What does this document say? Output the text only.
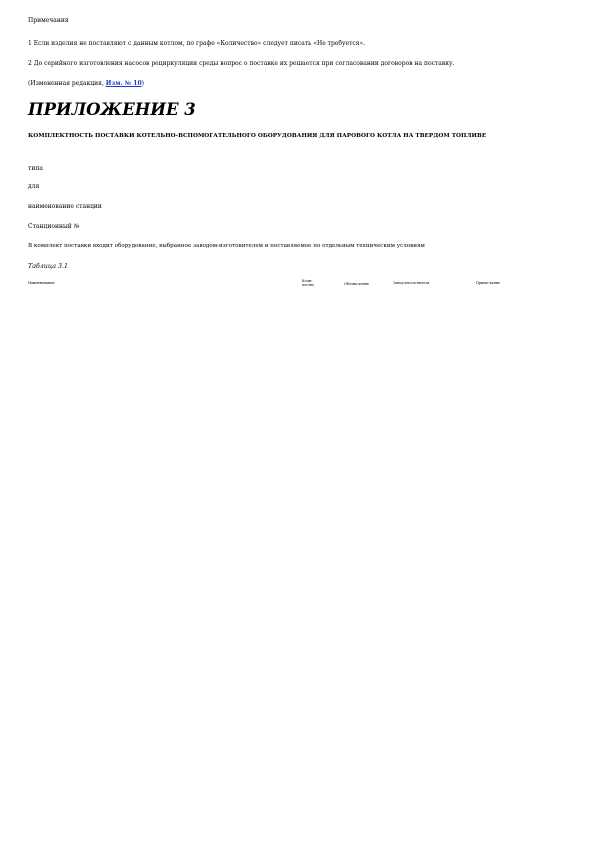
Примечания
1 Если изделия не поставляют с данным котлом, по графе «Количество» следует писать «Не требуется».
2 До серийного изготовления насосов рециркуляции среды вопрос о поставке их решается при согласовании договоров на поставку.
(Измененная редакция, Изм. № 10)
ПРИЛОЖЕНИЕ 3
КОМПЛЕКТНОСТЬ ПОСТАВКИ КОТЕЛЬНО-ВСПОМОГАТЕЛЬНОГО ОБОРУДОВАНИЯ ДЛЯ ПАРОВОГО КОТЛА НА ТВЕРДОМ ТОПЛИВЕ
типа
для
наименование станции
Станционный №
В комплект поставки входит оборудование, выбранное заводом-изготовителем и поставляемое по отдельным техническим условиям
Таблица 3.1
Наименование	Коли-чество	Обозна-чение	Завод-изгото-витель	Приме-чание
